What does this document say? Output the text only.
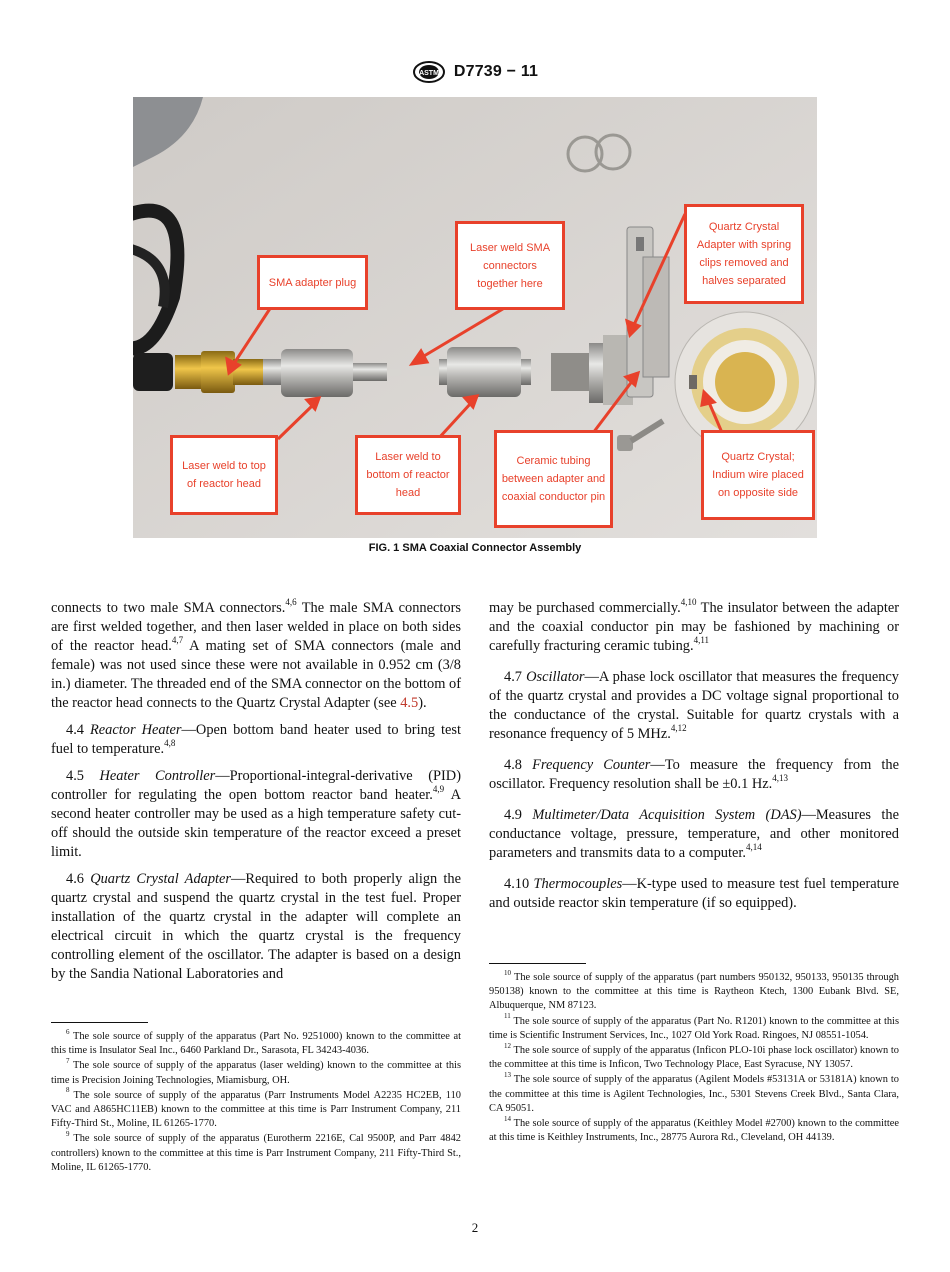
ASTM D7739 − 11
SMA adapter plug
Laser weld SMA connectors together here
Quartz Crystal Adapter with spring clips removed and halves separated
Laser weld to top of reactor head
Laser weld to bottom of reactor head
Ceramic tubing between adapter and coaxial conductor pin
Quartz Crystal; Indium wire placed on opposite side
FIG. 1 SMA Coaxial Connector Assembly

connects to two male SMA connectors.$^{4,6}$ The male SMA connectors are first welded together, and then laser welded in place on both sides of the reactor head.$^{4,7}$ A mating set of SMA connectors (male and female) was not used since these were not available in 0.952 cm (3/8 in.) diameter. The threaded end of the SMA connector on the bottom of the reactor head connects to the Quartz Crystal Adapter (see 4.5).

4.4 Reactor Heater—Open bottom band heater used to bring test fuel to temperature.$^{4,8}$

4.5 Heater Controller—Proportional-integral-derivative (PID) controller for regulating the open bottom reactor band heater.$^{4,9}$ A second heater controller may be used as a high temperature safety cut-off should the outside skin temperature of the reactor exceed a preset limit.

4.6 Quartz Crystal Adapter—Required to both properly align the quartz crystal and suspend the quartz crystal in the test fuel. Proper installation of the quartz crystal in the adapter will complete an electrical circuit in which the quartz crystal is the frequency controlling element of the oscillator. The adapter is based on a design by the Sandia National Laboratories and

$^6$ The sole source of supply of the apparatus (Part No. 9251000) known to the committee at this time is Insulator Seal Inc., 6460 Parkland Dr., Sarasota, FL 34243-4036.

$^7$ The sole source of supply of the apparatus (laser welding) known to the committee at this time is Precision Joining Technologies, Miamisburg, OH.

$^8$ The sole source of supply of the apparatus (Parr Instruments Model A2235 HC2EB, 110 VAC and A865HC11EB) known to the committee at this time is Parr Instrument Company, 211 Fifty-Third St., Moline, IL 61265-1770.

$^9$ The sole source of supply of the apparatus (Eurotherm 2216E, Cal 9500P, and Parr 4842 controllers) known to the committee at this time is Parr Instrument Company, 211 Fifty-Third St., Moline, IL 61265-1770.

may be purchased commercially.$^{4,10}$ The insulator between the adapter and the coaxial conductor pin may be fashioned by machining or carefully fracturing ceramic tubing.$^{4,11}$

4.7 Oscillator—A phase lock oscillator that measures the frequency of the quartz crystal and provides a DC voltage signal proportional to the conductance of the crystal. Suitable for quartz crystals with a resonance frequency of 5 MHz.$^{4,12}$

4.8 Frequency Counter—To measure the frequency from the oscillator. Frequency resolution shall be ±0.1 Hz.$^{4,13}$

4.9 Multimeter/Data Acquisition System (DAS)—Measures the conductance voltage, pressure, temperature, and other monitored parameters and transmits data to a computer.$^{4,14}$

4.10 Thermocouples—K-type used to measure test fuel temperature and outside reactor skin temperature (if so equipped).

$^{10}$ The sole source of supply of the apparatus (part numbers 950132, 950133, 950135 through 950138) known to the committee at this time is Raytheon Ktech, 1300 Eubank Blvd. SE, Albuquerque, NM 87123.

$^{11}$ The sole source of supply of the apparatus (Part No. R1201) known to the committee at this time is Scientific Instrument Services, Inc., 1027 Old York Road. Ringoes, NJ 08551-1054.

$^{12}$ The sole source of supply of the apparatus (Inficon PLO-10i phase lock oscillator) known to the committee at this time is Inficon, Two Technology Place, East Syracuse, NY 13057.

$^{13}$ The sole source of supply of the apparatus (Agilent Models #53131A or 53181A) known to the committee at this time is Agilent Technologies, Inc., 5301 Stevens Creek Blvd., Santa Clara, CA 95051.

$^{14}$ The sole source of supply of the apparatus (Keithley Model #2700) known to the committee at this time is Keithley Instruments, Inc., 28775 Aurora Rd., Cleveland, OH 44139.

2
